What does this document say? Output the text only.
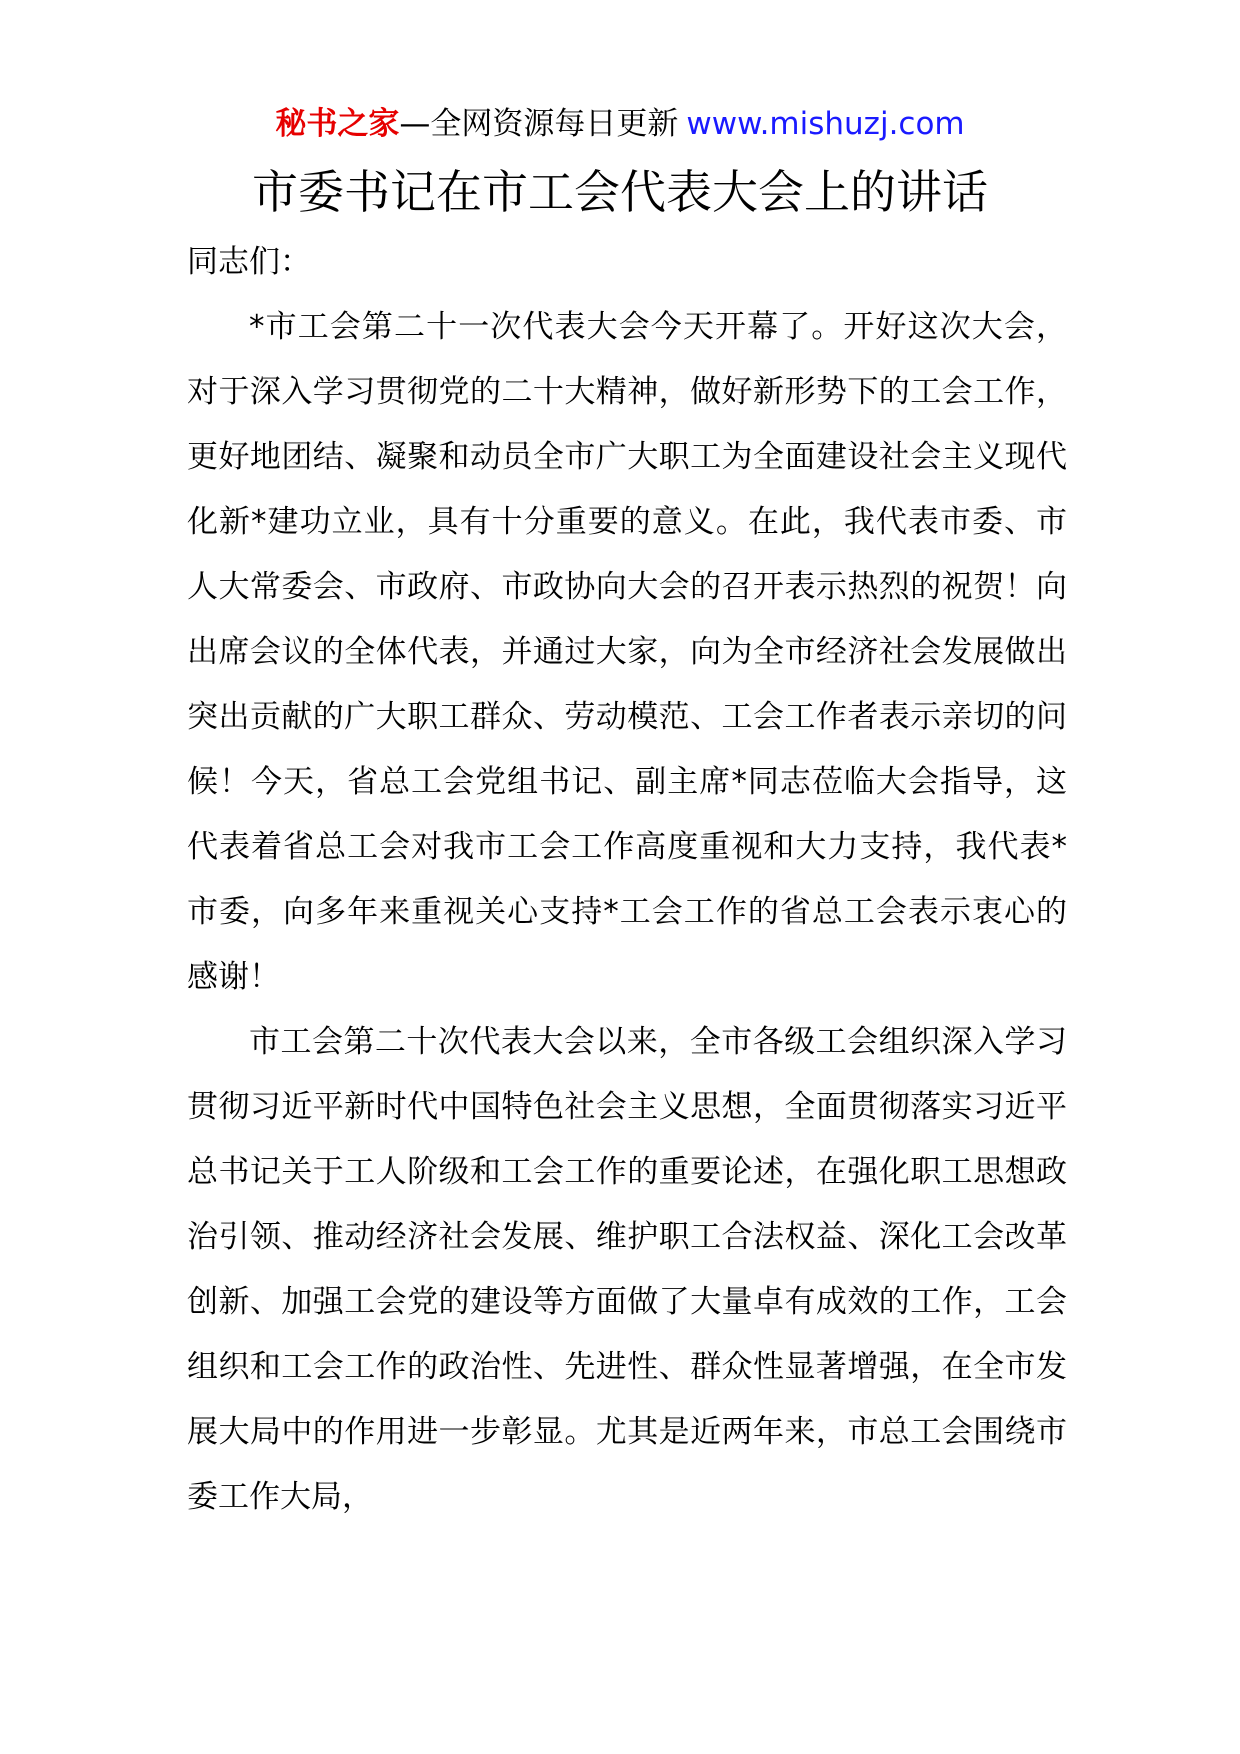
秘书之家—全网资源每日更新 www.mishuzj.com
市委书记在市工会代表大会上的讲话

同志们：

*市工会第二十一次代表大会今天开幕了。开好这次大会，对于深入学习贯彻党的二十大精神，做好新形势下的工会工作，更好地团结、凝聚和动员全市广大职工为全面建设社会主义现代化新*建功立业，具有十分重要的意义。在此，我代表市委、市人大常委会、市政府、市政协向大会的召开表示热烈的祝贺！向出席会议的全体代表，并通过大家，向为全市经济社会发展做出突出贡献的广大职工群众、劳动模范、工会工作者表示亲切的问候！今天，省总工会党组书记、副主席*同志莅临大会指导，这代表着省总工会对我市工会工作高度重视和大力支持，我代表*市委，向多年来重视关心支持*工会工作的省总工会表示衷心的感谢！

市工会第二十次代表大会以来，全市各级工会组织深入学习贯彻习近平新时代中国特色社会主义思想，全面贯彻落实习近平总书记关于工人阶级和工会工作的重要论述，在强化职工思想政治引领、推动经济社会发展、维护职工合法权益、深化工会改革创新、加强工会党的建设等方面做了大量卓有成效的工作，工会组织和工会工作的政治性、先进性、群众性显著增强，在全市发展大局中的作用进一步彰显。尤其是近两年来，市总工会围绕市委工作大局，
